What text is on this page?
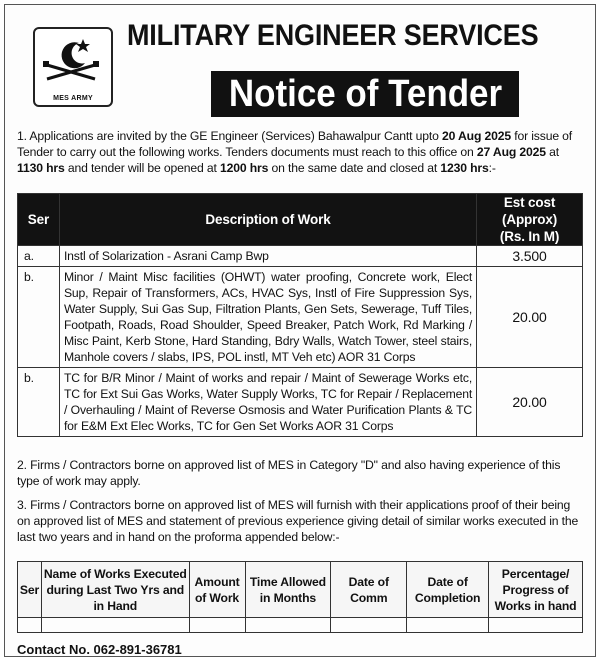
MES ARMY
MILITARY ENGINEER SERVICES
Notice of Tender
1. Applications are invited by the GE Engineer (Services) Bahawalpur Cantt upto 20 Aug 2025 for issue of Tender to carry out the following works. Tenders documents must reach to this office on 27 Aug 2025 at 1130 hrs and tender will be opened at 1200 hrs on the same date and closed at 1230 hrs:-
Ser	Description of Work	Est cost (Approx)
(Rs. In M)
a.	Instl of Solarization - Asrani Camp Bwp	3.500
b.	Minor / Maint Misc facilities (OHWT) water proofing, Concrete work, Elect Sup, Repair of Transformers, ACs, HVAC Sys, Instl of Fire Suppression Sys, Water Supply, Sui Gas Sup, Filtration Plants, Gen Sets, Sewerage, Tuff Tiles, Footpath, Roads, Road Shoulder, Speed Breaker, Patch Work, Rd Marking / Misc Paint, Kerb Stone, Hard Standing, Bdry Walls, Watch Tower, steel stairs, Manhole covers / slabs, IPS, POL instl, MT Veh etc) AOR 31 Corps	20.00
b.	TC for B/R Minor / Maint of works and repair / Maint of Sewerage Works etc, TC for Ext Sui Gas Works, Water Supply Works, TC for Repair / Replacement / Overhauling / Maint of Reverse Osmosis and Water Purification Plants & TC for E&M Ext Elec Works, TC for Gen Set Works AOR 31 Corps	20.00
2. Firms / Contractors borne on approved list of MES in Category "D" and also having experience of this type of work may apply.
3. Firms / Contractors borne on approved list of MES will furnish with their applications proof of their being on approved list of MES and statement of previous experience giving detail of similar works executed in the last two years and in hand on the proforma appended below:-
Ser	Name of Works Executed during Last Two Yrs and in Hand	Amount of Work	Time Allowed in Months	Date of Comm	Date of Completion	Percentage/ Progress of Works in hand

Contact No. 062-891-36781
